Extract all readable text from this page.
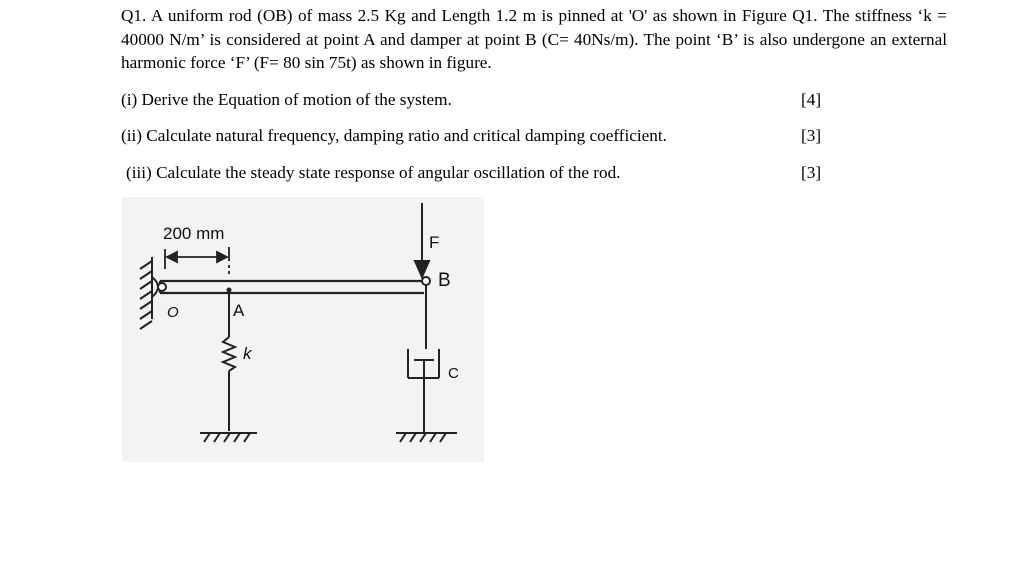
Q1. A uniform rod (OB) of mass 2.5 Kg and Length 1.2 m is pinned at 'O' as shown in Figure Q1. The stiffness ‘k = 40000 N/m’ is considered at point A and damper at point B (C= 40Ns/m). The point ‘B’ is also undergone an external harmonic force ‘F’ (F= 80 sin 75t) as shown in figure.
(i) Derive the Equation of motion of the system.	[4]
(ii) Calculate natural frequency, damping ratio and critical damping coefficient.	[3]
(iii) Calculate the steady state response of angular oscillation of the rod.	[3]
200 mm	F
B
O	A
k
C
